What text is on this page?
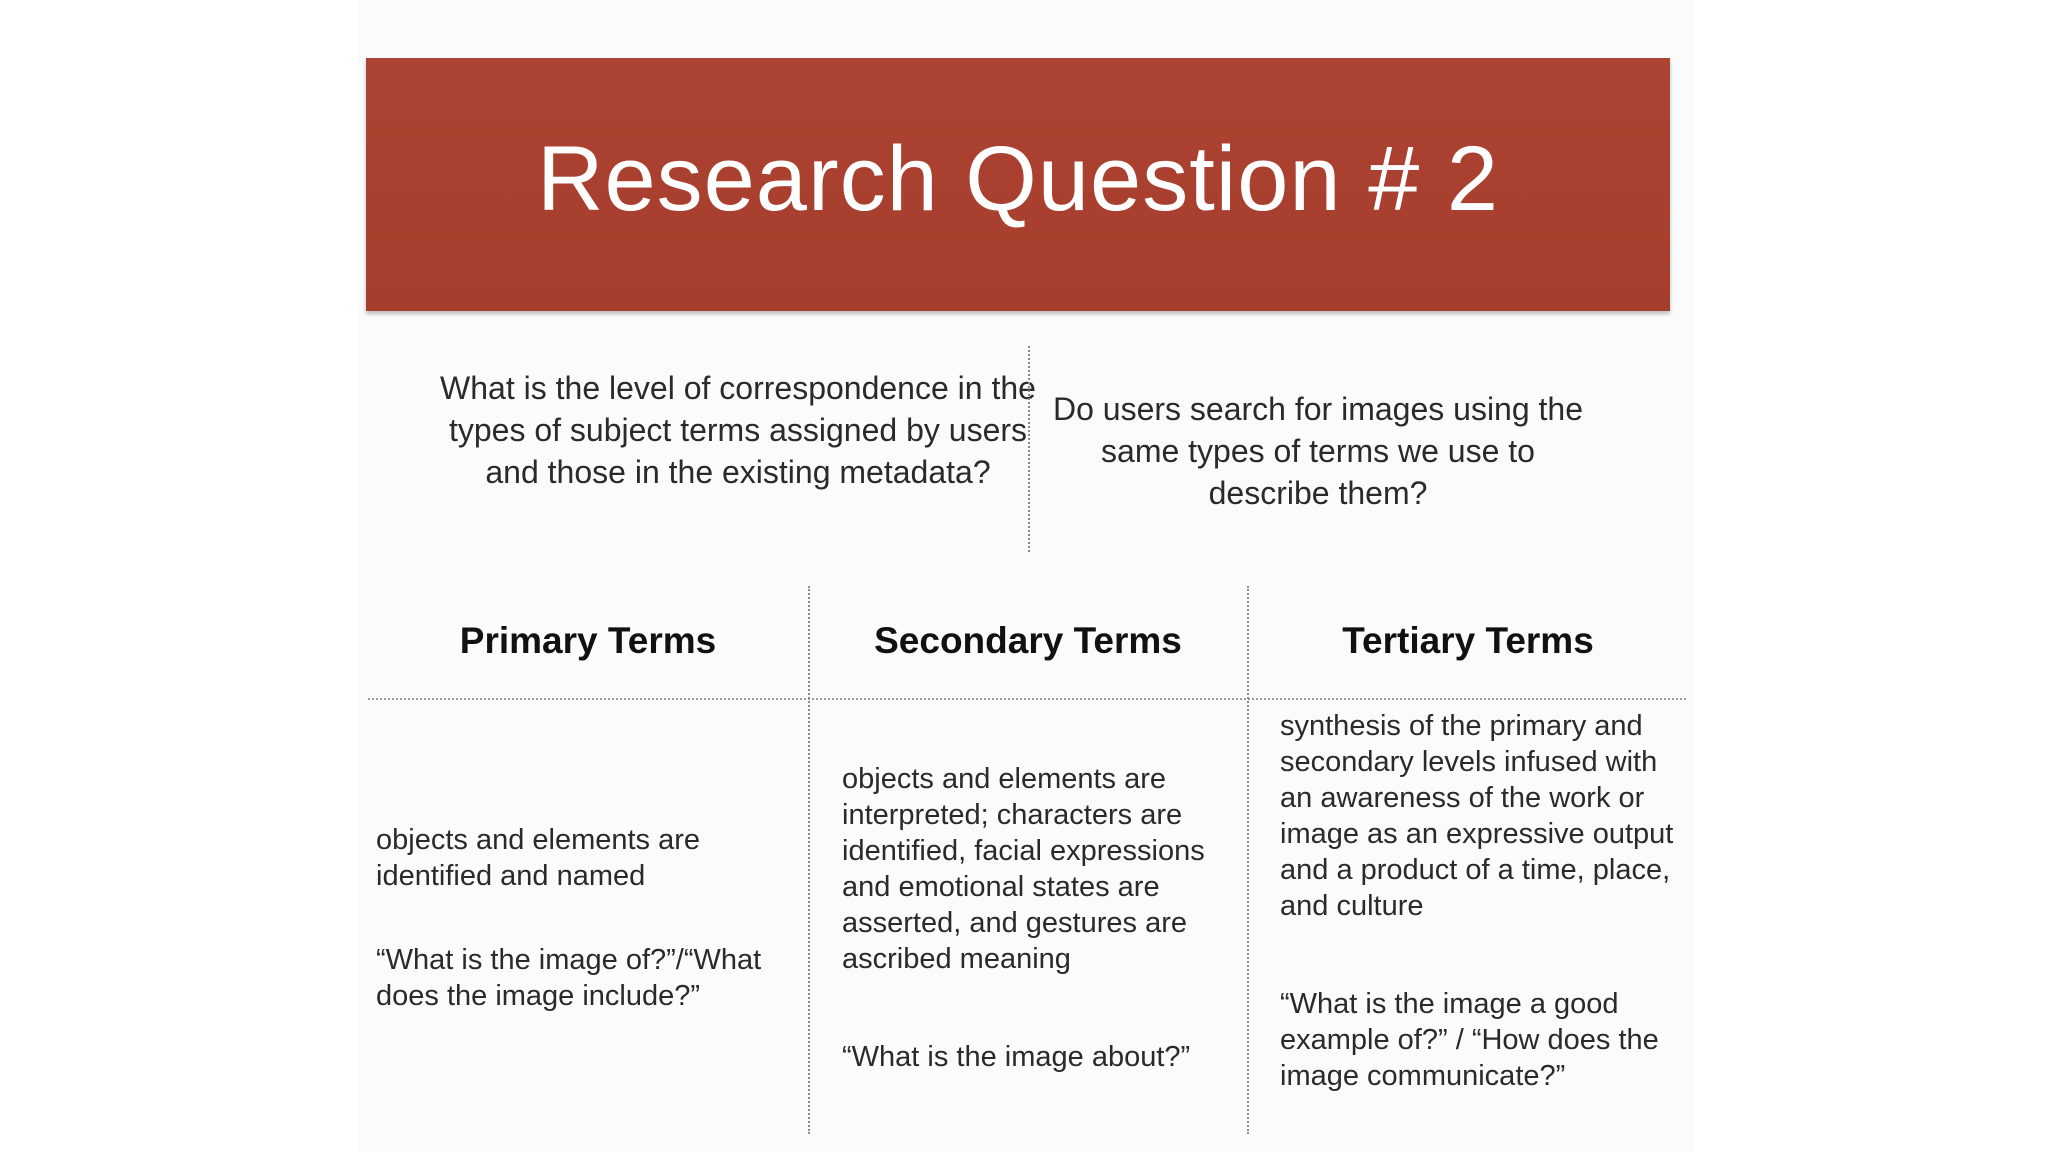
Research Question # 2
What is the level of correspondence in the types of subject terms assigned by users and those in the existing metadata?
Do users search for images using the same types of terms we use to describe them?
Primary Terms	Secondary Terms	Tertiary Terms
objects and elements are identified and named
“What is the image of?”/“What does the image include?”
objects and elements are interpreted; characters are identified, facial expressions and emotional states are asserted, and gestures are ascribed meaning
“What is the image about?”
synthesis of the primary and secondary levels infused with an awareness of the work or image as an expressive output and a product of a time, place, and culture
“What is the image a good example of?” / “How does the image communicate?”
